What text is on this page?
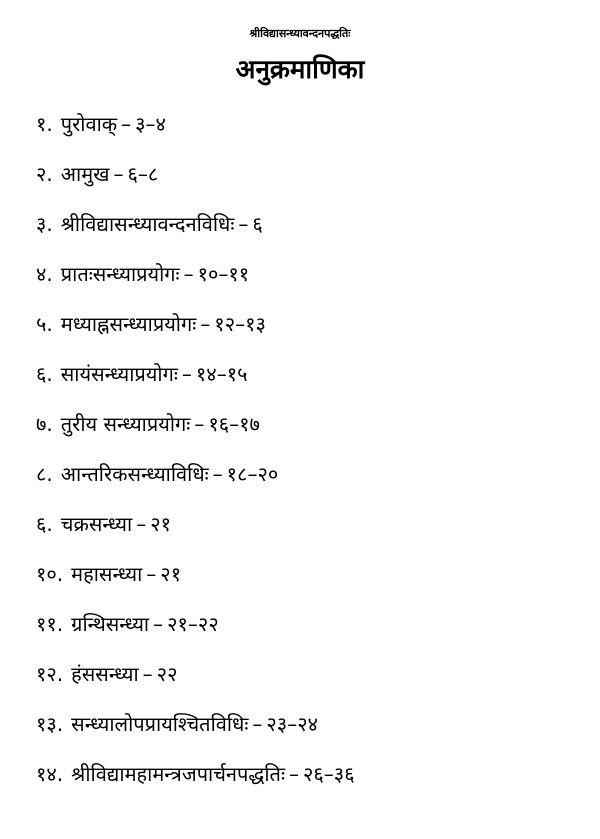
श्रीविद्यासन्ध्यावन्दनपद्धतिः
अनुक्रमाणिका
१. पुरोवाक् – ३–४
२. आमुख – ६–८
३. श्रीविद्यासन्ध्यावन्दनविधिः – ६
४. प्रातःसन्ध्याप्रयोगः – १०–११
५. मध्याह्नसन्ध्याप्रयोगः – १२–१३
६. सायंसन्ध्याप्रयोगः – १४–१५
७. तुरीय सन्ध्याप्रयोगः – १६–१७
८. आन्तरिकसन्ध्याविधिः – १८–२०
६. चक्रसन्ध्या – २१
१०. महासन्ध्या – २१
११. ग्रन्थिसन्ध्या – २१–२२
१२. हंससन्ध्या – २२
१३. सन्ध्यालोपप्रायश्चितविधिः – २३–२४
१४. श्रीविद्यामहामन्त्रजपार्चनपद्धतिः – २६–३६
